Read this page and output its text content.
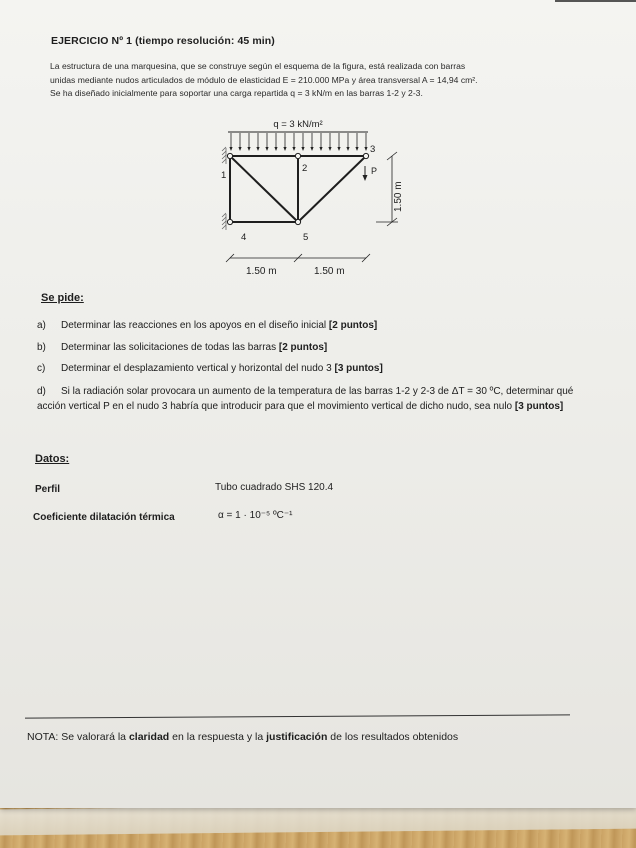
EJERCICIO Nº 1 (tiempo resolución: 45 min)
La estructura de una marquesina, que se construye según el esquema de la figura, está realizada con barras
unidas mediante nudos articulados de módulo de elasticidad E = 210.000 MPa y área transversal A = 14,94 cm².
Se ha diseñado inicialmente para soportar una carga repartida q = 3 kN/m en las barras 1-2 y 2-3.
q = 3 kN/m²
1
2
3
4	5
P
1.50 m
1.50 m	1.50 m
Se pide:
a) Determinar las reacciones en los apoyos en el diseño inicial [2 puntos]
b) Determinar las solicitaciones de todas las barras [2 puntos]
c) Determinar el desplazamiento vertical y horizontal del nudo 3 [3 puntos]
d) Si la radiación solar provocara un aumento de la temperatura de las barras 1-2 y 2-3 de ΔT = 30 ºC, determinar qué acción vertical P en el nudo 3 habría que introducir para que el movimiento vertical de dicho nudo, sea nulo [3 puntos]
Datos:
Perfil	Tubo cuadrado SHS 120.4
Coeficiente dilatación térmica	α = 1 · 10⁻⁵ ºC⁻¹
NOTA: Se valorará la claridad en la respuesta y la justificación de los resultados obtenidos
